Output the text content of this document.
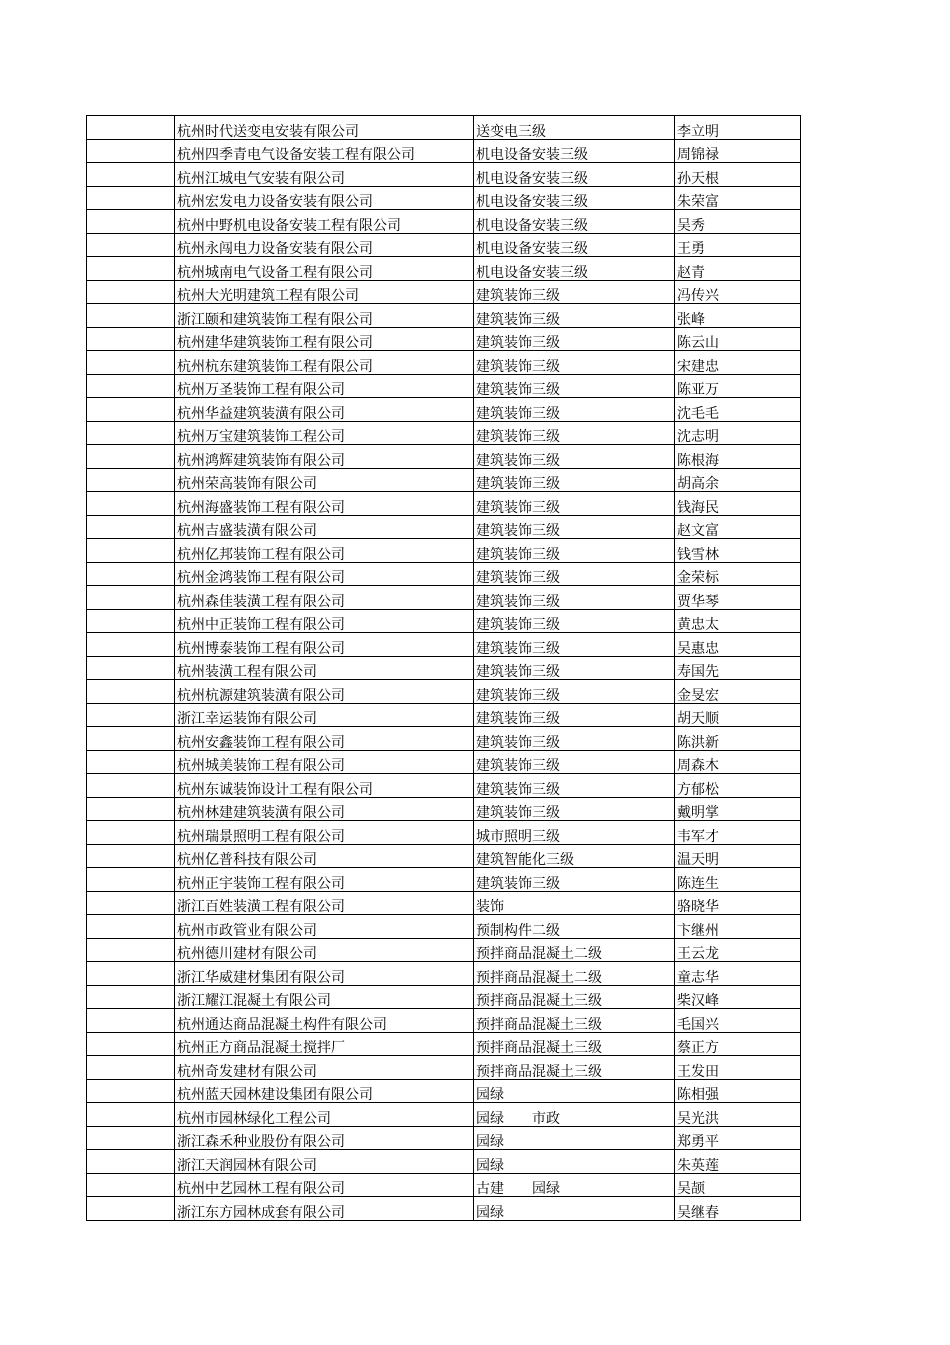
	杭州时代送变电安装有限公司	送变电三级	李立明
	杭州四季青电气设备安装工程有限公司	机电设备安装三级	周锦禄
	杭州江城电气安装有限公司	机电设备安装三级	孙天根
	杭州宏发电力设备安装有限公司	机电设备安装三级	朱荣富
	杭州中野机电设备安装工程有限公司	机电设备安装三级	吴秀
	杭州永闯电力设备安装有限公司	机电设备安装三级	王勇
	杭州城南电气设备工程有限公司	机电设备安装三级	赵青
	杭州大光明建筑工程有限公司	建筑装饰三级	冯传兴
	浙江颐和建筑装饰工程有限公司	建筑装饰三级	张峰
	杭州建华建筑装饰工程有限公司	建筑装饰三级	陈云山
	杭州杭东建筑装饰工程有限公司	建筑装饰三级	宋建忠
	杭州万圣装饰工程有限公司	建筑装饰三级	陈亚万
	杭州华益建筑装潢有限公司	建筑装饰三级	沈毛毛
	杭州万宝建筑装饰工程公司	建筑装饰三级	沈志明
	杭州鸿辉建筑装饰有限公司	建筑装饰三级	陈根海
	杭州荣高装饰有限公司	建筑装饰三级	胡高余
	杭州海盛装饰工程有限公司	建筑装饰三级	钱海民
	杭州吉盛装潢有限公司	建筑装饰三级	赵文富
	杭州亿邦装饰工程有限公司	建筑装饰三级	钱雪林
	杭州金鸿装饰工程有限公司	建筑装饰三级	金荣标
	杭州森佳装潢工程有限公司	建筑装饰三级	贾华琴
	杭州中正装饰工程有限公司	建筑装饰三级	黄忠太
	杭州博泰装饰工程有限公司	建筑装饰三级	吴惠忠
	杭州装潢工程有限公司	建筑装饰三级	寿国先
	杭州杭源建筑装潢有限公司	建筑装饰三级	金旻宏
	浙江幸运装饰有限公司	建筑装饰三级	胡天顺
	杭州安鑫装饰工程有限公司	建筑装饰三级	陈洪新
	杭州城美装饰工程有限公司	建筑装饰三级	周森木
	杭州东诚装饰设计工程有限公司	建筑装饰三级	方郁松
	杭州林建建筑装潢有限公司	建筑装饰三级	戴明掌
	杭州瑞景照明工程有限公司	城市照明三级	韦军才
	杭州亿普科技有限公司	建筑智能化三级	温天明
	杭州正宇装饰工程有限公司	建筑装饰三级	陈连生
	浙江百姓装潢工程有限公司	装饰	骆晓华
	杭州市政管业有限公司	预制构件二级	卞继州
	杭州德川建材有限公司	预拌商品混凝土二级	王云龙
	浙江华威建材集团有限公司	预拌商品混凝土二级	童志华
	浙江耀江混凝土有限公司	预拌商品混凝土三级	柴汉峰
	杭州通达商品混凝土构件有限公司	预拌商品混凝土三级	毛国兴
	杭州正方商品混凝土搅拌厂	预拌商品混凝土三级	蔡正方
	杭州奇发建材有限公司	预拌商品混凝土三级	王发田
	杭州蓝天园林建设集团有限公司	园绿	陈相强
	杭州市园林绿化工程公司	园绿　　市政	吴光洪
	浙江森禾种业股份有限公司	园绿	郑勇平
	浙江天润园林有限公司	园绿	朱英莲
	杭州中艺园林工程有限公司	古建　　园绿	吴颉
	浙江东方园林成套有限公司	园绿	吴继春
